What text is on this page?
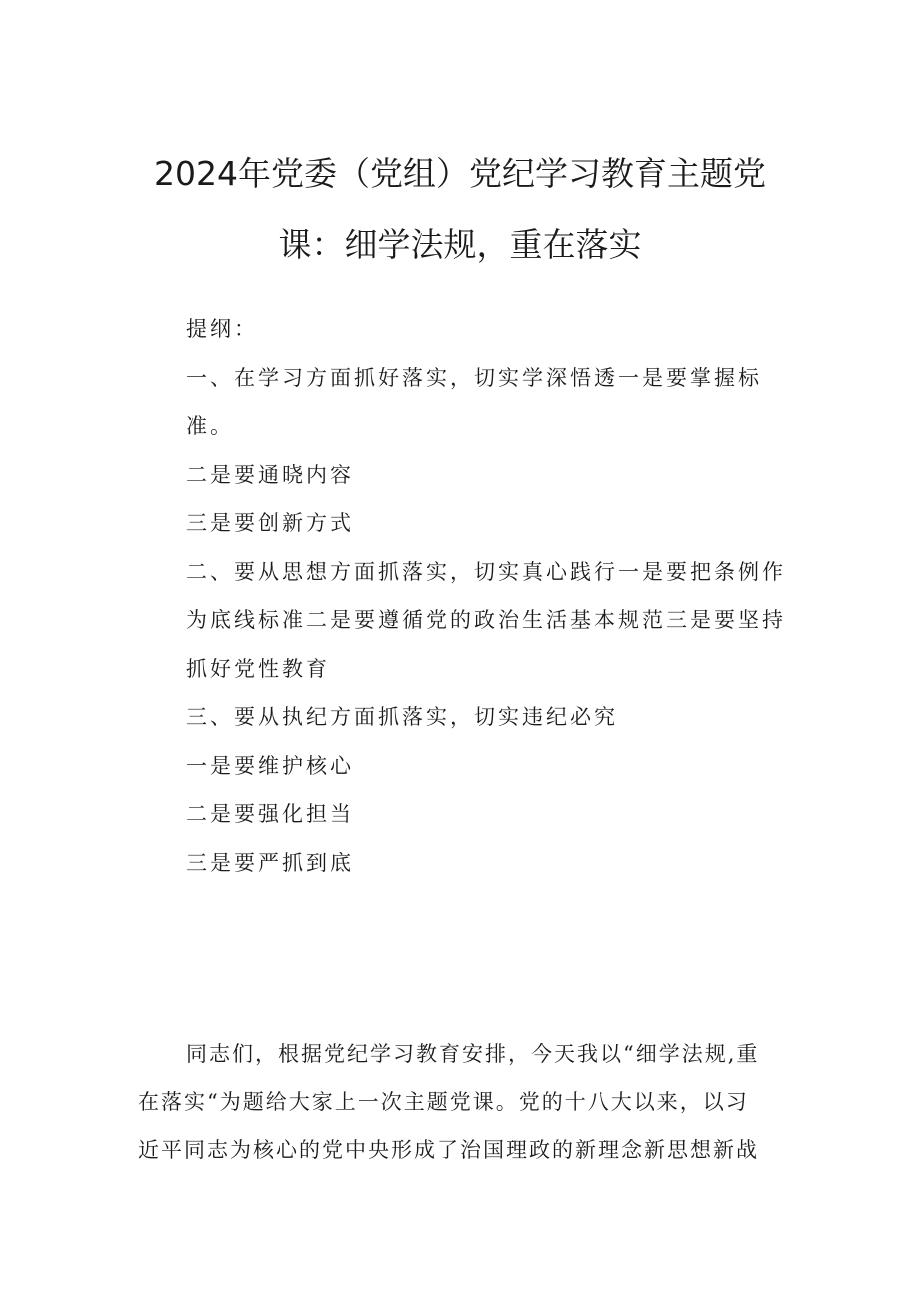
2024年党委（党组）党纪学习教育主题党
课：细学法规，重在落实

提纲：

一、在学习方面抓好落实，切实学深悟透一是要掌握标

准。

二是要通晓内容

三是要创新方式

二、要从思想方面抓落实，切实真心践行一是要把条例作

为底线标准二是要遵循党的政治生活基本规范三是要坚持

抓好党性教育

三、要从执纪方面抓落实，切实违纪必究

一是要维护核心

二是要强化担当

三是要严抓到底

同志们，根据党纪学习教育安排，今天我以“细学法规,重

在落实“为题给大家上一次主题党课。党的十八大以来，以习

近平同志为核心的党中央形成了治国理政的新理念新思想新战
